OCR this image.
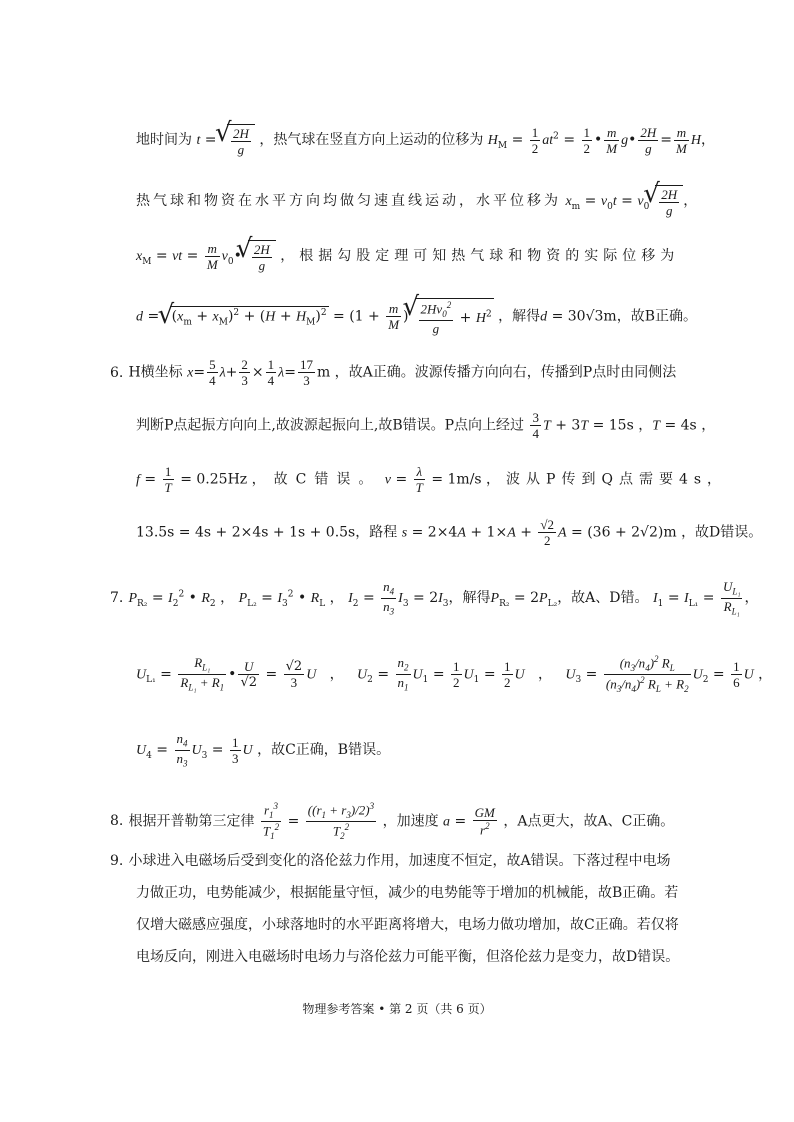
地时间为 t = √ $\frac{2H}{g}$ ，热气球在竖直方向上运动的位移为 $H_M = \frac{1}{2} at^2 = \frac{1}{2}$ • $\frac{m}{M}$ g• $\frac{2H}{g} = \frac{m}{M}$ H，
热气球和物资在水平方向均做匀速直线运动，水平位移为 $x_m = v_0t = v_0$ √ $\frac{2H}{g}$ ，
$x_M$ = vt = $\frac{m}{M}$ $v_0•$ √ $\frac{2H}{g}$ ，根据勾股定理可知热气球和物资的实际位移为
d = √ $(x_m + x_M)^2 + (H + H_M)^2 = (1 + \frac{m}{M}$ ) √ $\frac{2Hv_0^2}{g} + H^2$ ，解得d = 30√3m，故B正确。
6. H横坐标 $x= \frac{5}{4} \lambda+ \frac{2}{3} \times \frac{1}{4} \lambda= \frac{17}{3}$ m ，故A正确。波源传播方向向右，传播到P点时由同侧法
判断P点起振方向向上,故波源起振向上,故B错误。P点向上经过 $\frac{3}{4}$ T + 3T = 15s ，T = 4s ，
$f = \frac{1}{T} = 0.25Hz$ ，故C错误。 $v = \frac{\lambda}{T} = 1m/s$ ，波从P传到Q点需要4s，
13.5s = 4s + 2×4s + 1s + 0.5s，路程 $s = 2\times 4A + 1\times A + \frac{√2}{2}$ A = (36 + 2√2)m ，故D错误。
7. $P_{R_2} = I_2^2$ • $R_2$ ， $P_{L_2} = I_3^2$ • $R_L$ ， $I_2 = \frac{n_4}{n_3} I_3 = 2I_3$，解得$P_{R_2} = 2P_{L_2}$，故A、D错。 $I_1 = I_{L_1} = \frac{U_{L_1}}{R_{L_1}}$ ，
$U_{L_1} = \frac{R_{L_1}}{R_{L_1} + R_1}$ • $\frac{U}{√2} = \frac{√2}{3}$ U   ，   $U_2 = \frac{n_2}{n_1} U_1 = \frac{1}{2} U_1 = \frac{1}{2}$ U   ，   $U_3 = \frac{(n_3/n_4)^2 R_L}{(n_3/n_4)^2 R_L + R_2} U_2 = \frac{1}{6}$ U ，
$U_4 = \frac{n_4}{n_3} U_3 = \frac{1}{3}$ U ，故C正确，B错误。
8. 根据开普勒第三定律 $\frac{r_1^3}{T_1^2} = \frac{((r_1 + r_3)/2)^3}{T_2^2}$ ，加速度 $a = \frac{GM}{r^2}$ ，A点更大，故A、C正确。
9. 小球进入电磁场后受到变化的洛伦兹力作用，加速度不恒定，故A错误。下落过程中电场
力做正功，电势能减少，根据能量守恒，减少的电势能等于增加的机械能，故B正确。若
仅增大磁感应强度，小球落地时的水平距离将增大，电场力做功增加，故C正确。若仅将
电场反向，刚进入电磁场时电场力与洛伦兹力可能平衡，但洛伦兹力是变力，故D错误。
物理参考答案 • 第 2 页（共 6 页）
